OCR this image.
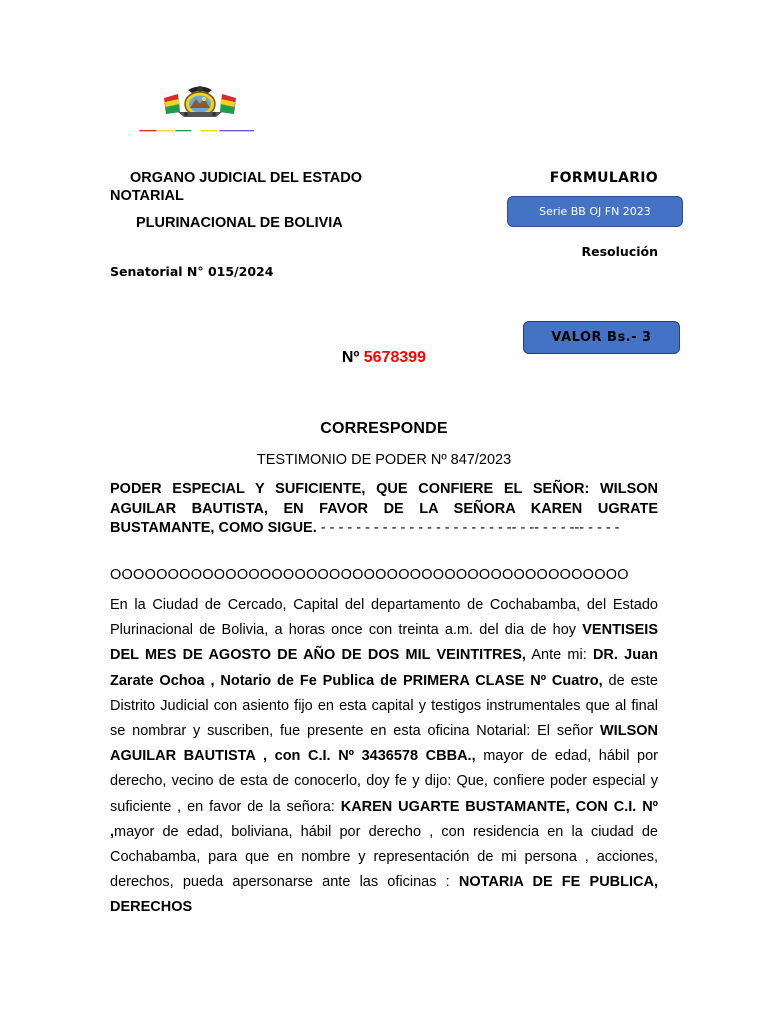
ORGANO JUDICIAL DEL ESTADO
NOTARIAL
PLURINACIONAL DE BOLIVIA
FORMULARIO
Serie BB OJ FN 2023
Resolución
Senatorial N° 015/2024
VALOR Bs.- 3
Nº 5678399
CORRESPONDE
TESTIMONIO DE PODER Nº 847/2023
PODER ESPECIAL Y SUFICIENTE, QUE CONFIERE EL SEÑOR: WILSON AGUILAR BAUTISTA, EN FAVOR DE LA SEÑORA KAREN UGRATE BUSTAMANTE, COMO SIGUE. - - - - - - - - - - - - - - - - - - - - - -- - -- - - - --- - - - -
OOOOOOOOOOOOOOOOOOOOOOOOOOOOOOOOOOOOOOOOOOOOO
En la Ciudad de Cercado, Capital del departamento de Cochabamba, del Estado Plurinacional de Bolivia, a horas once con treinta a.m. del dia de hoy VENTISEIS DEL MES DE AGOSTO DE AÑO DE DOS MIL VEINTITRES, Ante mi: DR. Juan Zarate Ochoa , Notario de Fe Publica de PRIMERA CLASE Nº Cuatro, de este Distrito Judicial con asiento fijo en esta capital y testigos instrumentales que al final se nombrar y suscriben, fue presente en esta oficina Notarial: El señor WILSON AGUILAR BAUTISTA , con C.I. Nº 3436578 CBBA., mayor de edad, hábil por derecho, vecino de esta de conocerlo, doy fe y dijo: Que, confiere poder especial y suficiente , en favor de la señora: KAREN UGARTE BUSTAMANTE, CON C.I. Nº ,mayor de edad, boliviana, hábil por derecho , con residencia en la ciudad de Cochabamba, para que en nombre y representación de mi persona , acciones, derechos, pueda apersonarse ante las oficinas : NOTARIA DE FE PUBLICA, DERECHOS
